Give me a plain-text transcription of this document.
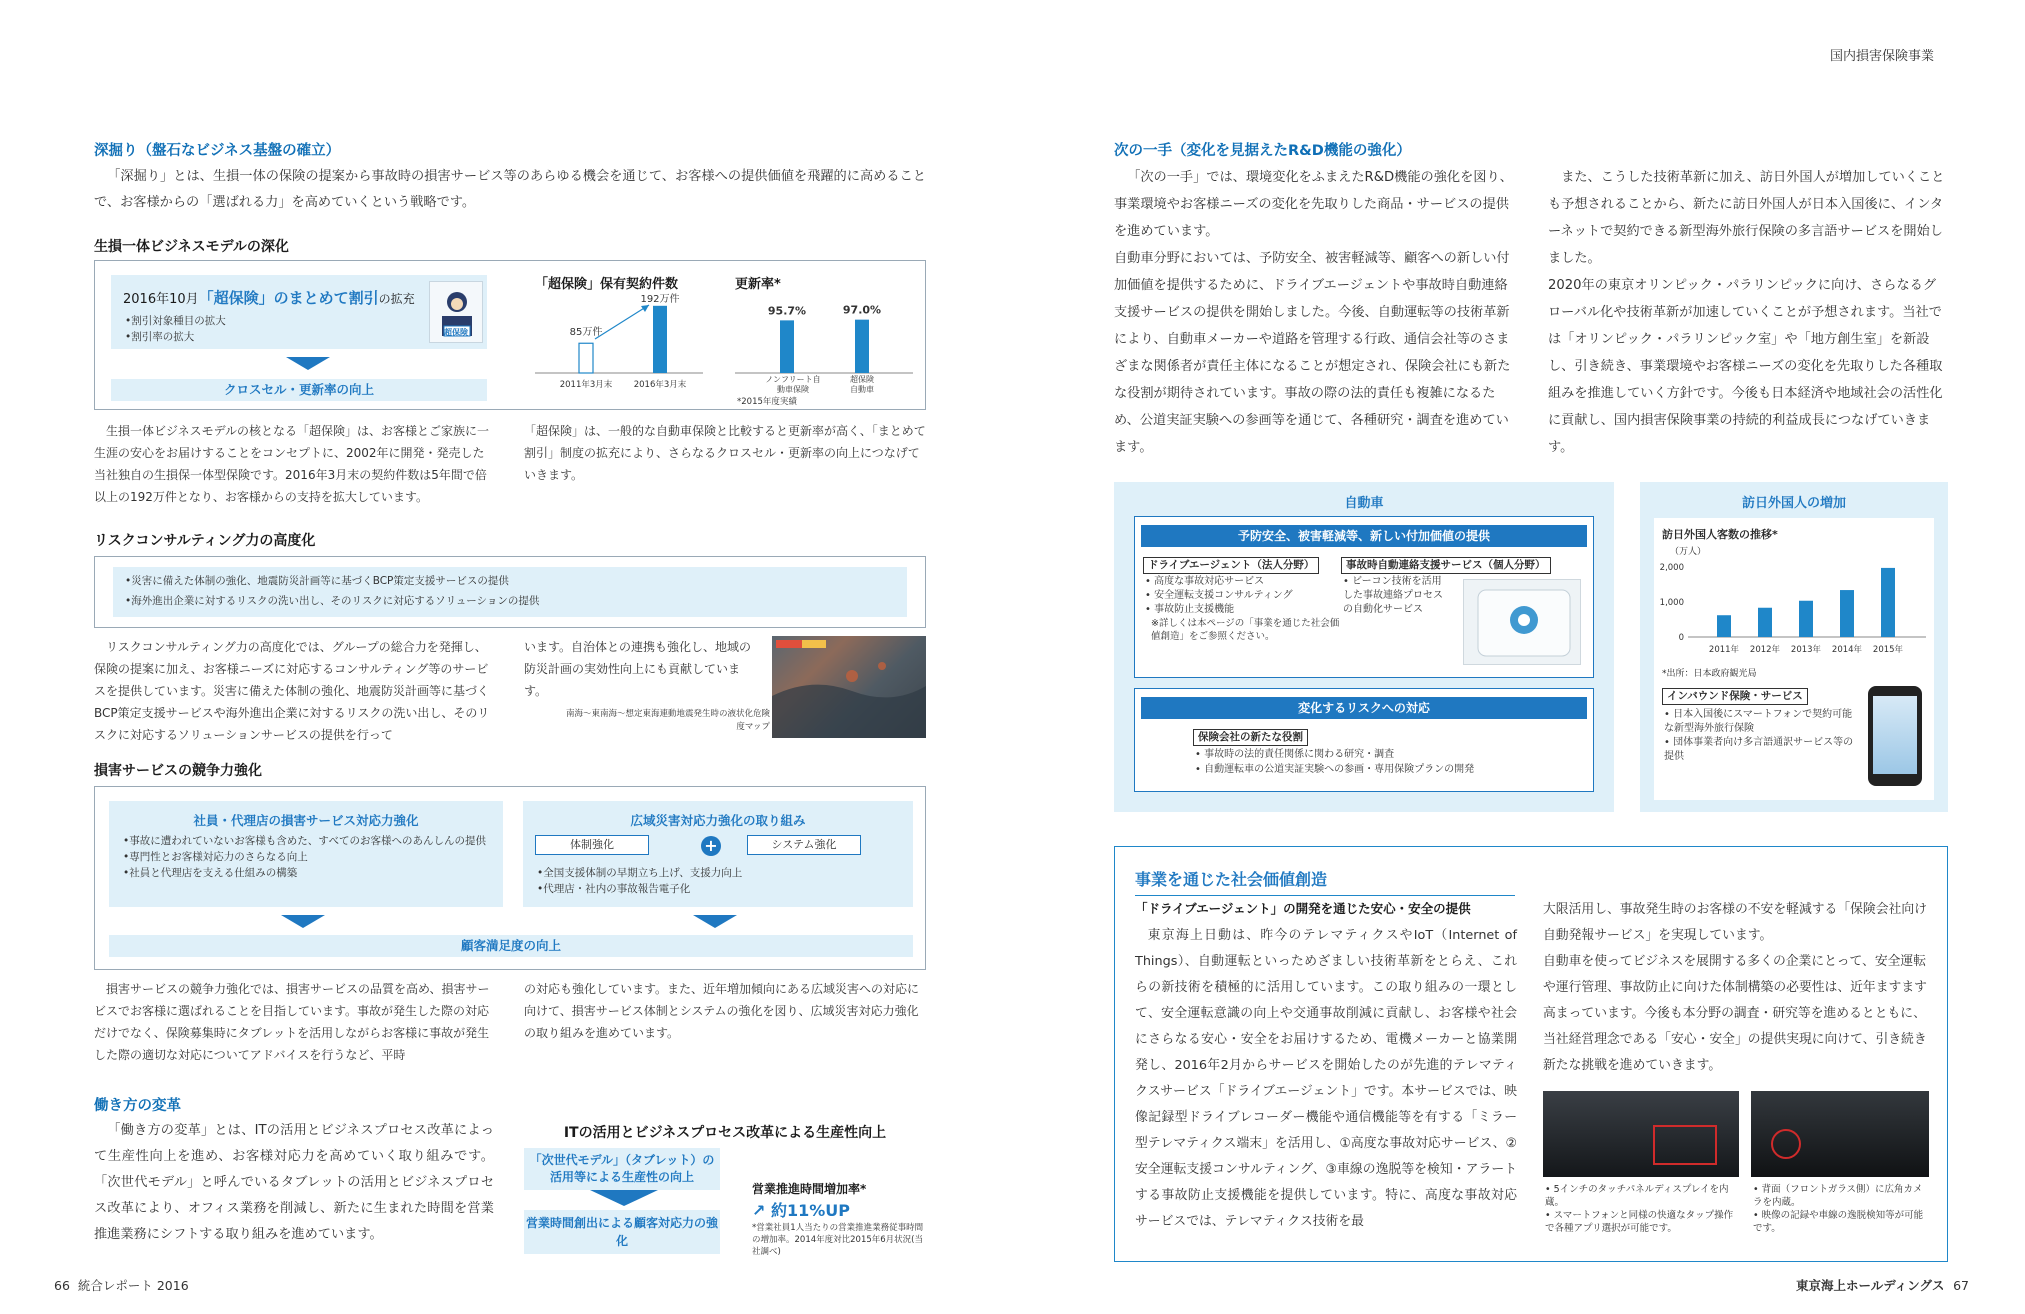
国内損害保険事業
66 統合レポート 2016	東京海上ホールディングス 67
深掘り（盤石なビジネス基盤の確立）
「深掘り」とは、生損一体の保険の提案から事故時の損害サービス等のあらゆる機会を通じて、お客様への提供価値を飛躍的に高めることで、お客様からの「選ばれる力」を高めていくという戦略です。
生損一体ビジネスモデルの深化
2016年10月「超保険」のまとめて割引の拡充
•割引対象種目の拡大
•割引率の拡大	超保険
クロスセル・更新率の向上
「超保険」保有契約件数
85万件
192万件
2011年3月末	2016年3月末
更新率*
95.7%	97.0%
ノンフリート自動車保険
超保険自動車
*2015年度実績
生損一体ビジネスモデルの核となる「超保険」は、お客様とご家族に一生涯の安心をお届けすることをコンセプトに、2002年に開発・発売した当社独自の生損保一体型保険です。2016年3月末の契約件数は5年間で倍以上の192万件となり、お客様からの支持を拡大しています。
「超保険」は、一般的な自動車保険と比較すると更新率が高く、「まとめて割引」制度の拡充により、さらなるクロスセル・更新率の向上につなげていきます。
リスクコンサルティング力の高度化
•災害に備えた体制の強化、地震防災計画等に基づくBCP策定支援サービスの提供
•海外進出企業に対するリスクの洗い出し、そのリスクに対応するソリューションの提供
リスクコンサルティング力の高度化では、グループの総合力を発揮し、保険の提案に加え、お客様ニーズに対応するコンサルティング等のサービスを提供しています。災害に備えた体制の強化、地震防災計画等に基づくBCP策定支援サービスや海外進出企業に対するリスクの洗い出し、そのリスクに対応するソリューションサービスの提供を行って
います。自治体との連携も強化し、地域の防災計画の実効性向上にも貢献しています。
南海～東南海～想定東海連動地震発生時の液状化危険度マップ
損害サービスの競争力強化
社員・代理店の損害サービス対応力強化
•事故に遭われていないお客様も含めた、すべてのお客様へのあんしんの提供
•専門性とお客様対応力のさらなる向上
•社員と代理店を支える仕組みの構築
広域災害対応力強化の取り組み
体制強化	+	システム強化
•全国支援体制の早期立ち上げ、支援力向上
•代理店・社内の事故報告電子化
顧客満足度の向上
損害サービスの競争力強化では、損害サービスの品質を高め、損害サービスでお客様に選ばれることを目指しています。事故が発生した際の対応だけでなく、保険募集時にタブレットを活用しながらお客様に事故が発生した際の適切な対応についてアドバイスを行うなど、平時
の対応も強化しています。また、近年増加傾向にある広域災害への対応に向けて、損害サービス体制とシステムの強化を図り、広域災害対応力強化の取り組みを進めています。
働き方の変革
「働き方の変革」とは、ITの活用とビジネスプロセス改革によって生産性向上を進め、お客様対応力を高めていく取り組みです。「次世代モデル」と呼んでいるタブレットの活用とビジネスプロセス改革により、オフィス業務を削減し、新たに生まれた時間を営業推進業務にシフトする取り組みを進めています。
ITの活用とビジネスプロセス改革による生産性向上
「次世代モデル」（タブレット）の活用等による生産性の向上
営業時間創出による顧客対応力の強化
営業推進時間増加率*
↗ 約11%UP
*営業社員1人当たりの営業推進業務従事時間の増加率。2014年度対比2015年6月状況(当社調べ)
次の一手（変化を見据えたR&D機能の強化）
「次の一手」では、環境変化をふまえたR&D機能の強化を図り、事業環境やお客様ニーズの変化を先取りした商品・サービスの提供を進めています。
自動車分野においては、予防安全、被害軽減等、顧客への新しい付加価値を提供するために、ドライブエージェントや事故時自動連絡支援サービスの提供を開始しました。今後、自動運転等の技術革新により、自動車メーカーや道路を管理する行政、通信会社等のさまざまな関係者が責任主体になることが想定され、保険会社にも新たな役割が期待されています。事故の際の法的責任も複雑になるため、公道実証実験への参画等を通じて、各種研究・調査を進めています。
また、こうした技術革新に加え、訪日外国人が増加していくことも予想されることから、新たに訪日外国人が日本入国後に、インターネットで契約できる新型海外旅行保険の多言語サービスを開始しました。
2020年の東京オリンピック・パラリンピックに向け、さらなるグローバル化や技術革新が加速していくことが予想されます。当社では「オリンピック・パラリンピック室」や「地方創生室」を新設し、引き続き、事業環境やお客様ニーズの変化を先取りした各種取組みを推進していく方針です。今後も日本経済や地域社会の活性化に貢献し、国内損害保険事業の持続的利益成長につなげていきます。
自動車
予防安全、被害軽減等、新しい付加価値の提供
ドライブエージェント（法人分野）
• 高度な事故対応サービス
• 安全運転支援コンサルティング
• 事故防止支援機能
※詳しくは本ページの「事業を通じた社会価値創造」をご参照ください。
事故時自動連絡支援サービス（個人分野）
• ビーコン技術を活用した事故連絡プロセスの自動化サービス
変化するリスクへの対応
保険会社の新たな役割
• 事故時の法的責任関係に関わる研究・調査
• 自動運転車の公道実証実験への参画・専用保険プランの開発
訪日外国人の増加
訪日外国人客数の推移*
（万人）
2,000
1,000
0
2011年 2012年 2013年 2014年 2015年
*出所：日本政府観光局
インバウンド保険・サービス
• 日本入国後にスマートフォンで契約可能な新型海外旅行保険
• 団体事業者向け多言語通訳サービス等の提供
事業を通じた社会価値創造
「ドライブエージェント」の開発を通じた安心・安全の提供
東京海上日動は、昨今のテレマティクスやIoT（Internet of Things）、自動運転といっためざましい技術革新をとらえ、これらの新技術を積極的に活用しています。この取り組みの一環として、安全運転意識の向上や交通事故削減に貢献し、お客様や社会にさらなる安心・安全をお届けするため、電機メーカーと協業開発し、2016年2月からサービスを開始したのが先進的テレマティクスサービス「ドライブエージェント」です。本サービスでは、映像記録型ドライブレコーダー機能や通信機能等を有する「ミラー型テレマティクス端末」を活用し、①高度な事故対応サービス、②安全運転支援コンサルティング、③車線の逸脱等を検知・アラートする事故防止支援機能を提供しています。特に、高度な事故対応サービスでは、テレマティクス技術を最
大限活用し、事故発生時のお客様の不安を軽減する「保険会社向け自動発報サービス」を実現しています。
自動車を使ってビジネスを展開する多くの企業にとって、安全運転や運行管理、事故防止に向けた体制構築の必要性は、近年ますます高まっています。今後も本分野の調査・研究等を進めるとともに、当社経営理念である「安心・安全」の提供実現に向けて、引き続き新たな挑戦を進めていきます。
• 5インチのタッチパネルディスプレイを内蔵。
• スマートフォンと同様の快適なタップ操作で各種アプリ選択が可能です。
• 背面（フロントガラス側）に広角カメラを内蔵。
• 映像の記録や車線の逸脱検知等が可能です。
